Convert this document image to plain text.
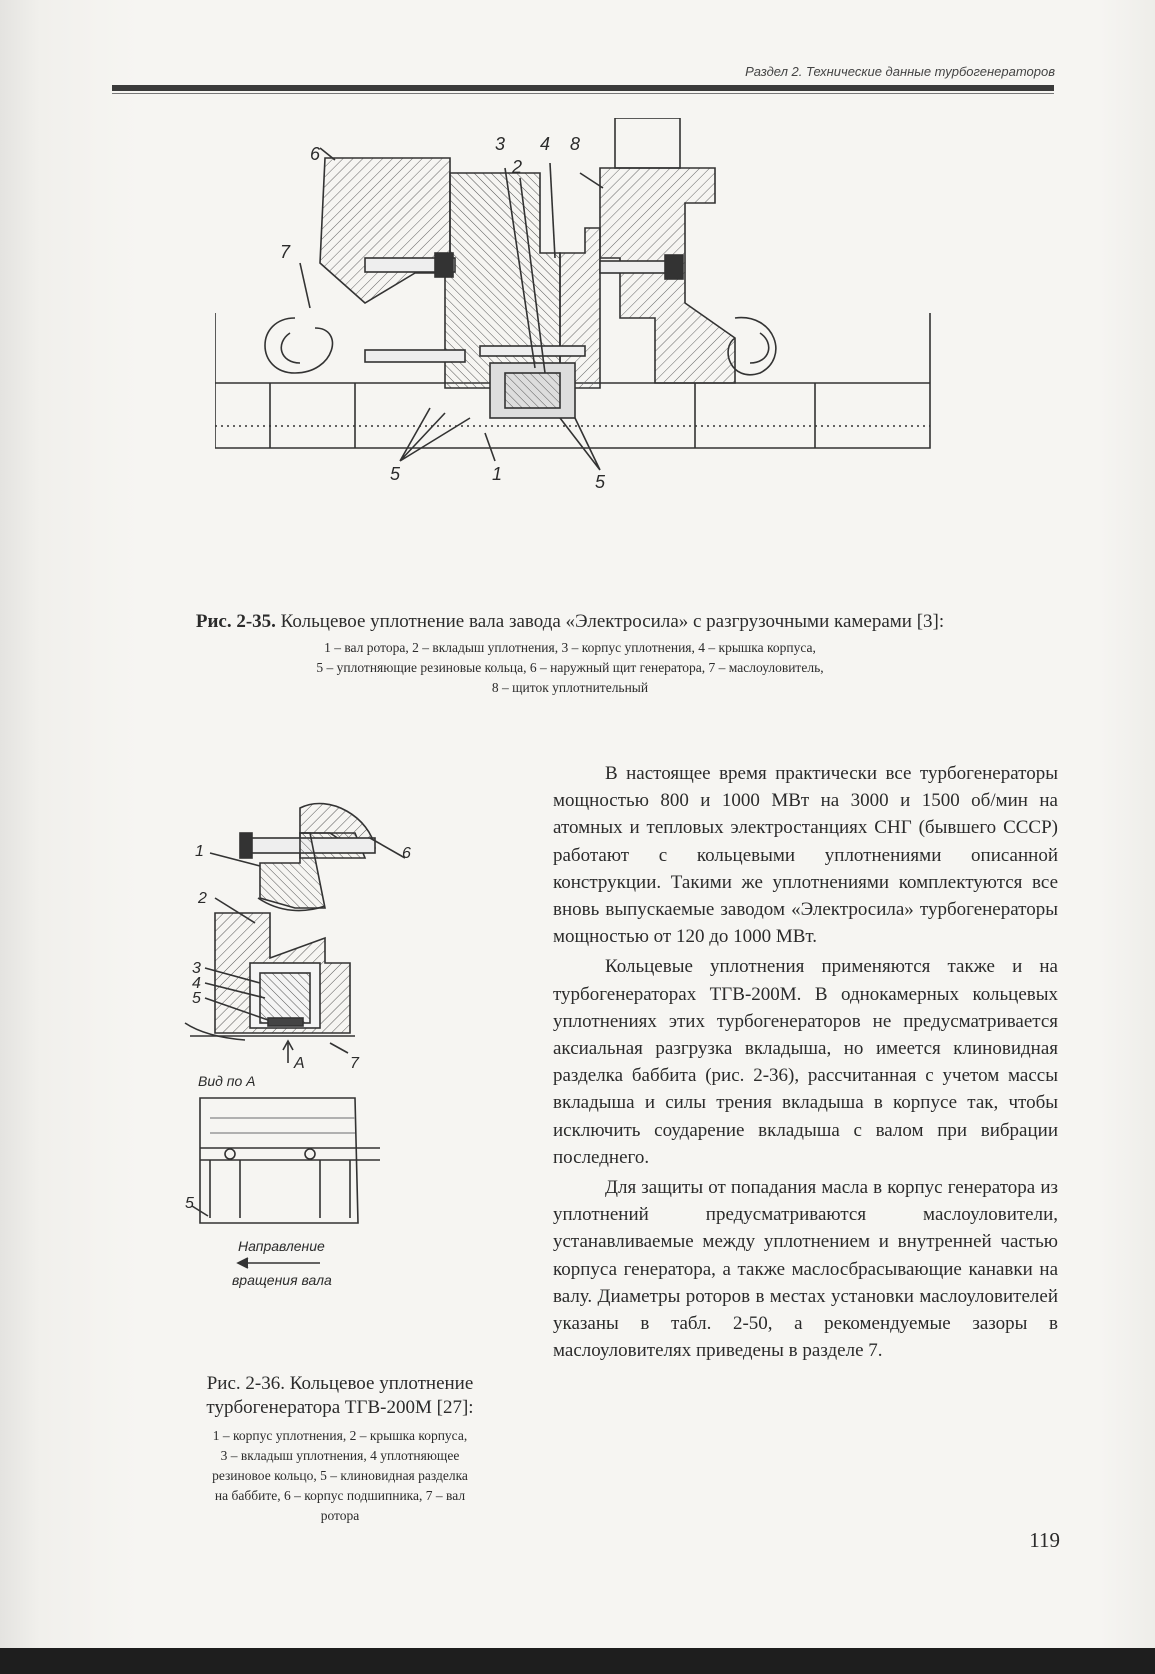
Раздел 2. Технические данные турбогенераторов
6	3 4 8
2
7
5	1	5
Рис. 2-35. Кольцевое уплотнение вала завода «Электросила» с разгрузочными камерами [3]:
1 – вал ротора, 2 – вкладыш уплотнения, 3 – корпус уплотнения, 4 – крышка корпуса,
5 – уплотняющие резиновые кольца, 6 – наружный щит генератора, 7 – маслоуловитель,
8 – щиток уплотнительный
1	6
2
3
4
5
7
A
5
Вид по А
Направление
вращения вала
Рис. 2-36. Кольцевое уплотнение
турбогенератора ТГВ-200М [27]:
1 – корпус уплотнения, 2 – крышка корпуса,
3 – вкладыш уплотнения, 4 уплотняющее
резиновое кольцо, 5 – клиновидная разделка
на баббите, 6 – корпус подшипника, 7 – вал
ротора

В настоящее время практически все турбогенераторы мощностью 800 и 1000 МВт на 3000 и 1500 об/мин на атомных и тепловых электростанциях СНГ (бывшего СССР) работают с кольцевыми уплотнениями описанной конструкции. Такими же уплотнениями комплектуются все вновь выпускаемые заводом «Электросила» турбогенераторы мощностью от 120 до 1000 МВт.

Кольцевые уплотнения применяются также и на турбогенераторах ТГВ-200М. В однокамерных кольцевых уплотнениях этих турбогенераторов не предусматривается аксиальная разгрузка вкладыша, но имеется клиновидная разделка баббита (рис. 2-36), рассчитанная с учетом массы вкладыша и силы трения вкладыша в корпусе так, чтобы исключить соударение вкладыша с валом при вибрации последнего.

Для защиты от попадания масла в корпус генератора из уплотнений предусматриваются маслоуловители, устанавливаемые между уплотнением и внутренней частью корпуса генератора, а также маслосбрасывающие канавки на валу. Диаметры роторов в местах установки маслоуловителей указаны в табл. 2-50, а рекомендуемые зазоры в маслоуловителях приведены в разделе 7.

119
